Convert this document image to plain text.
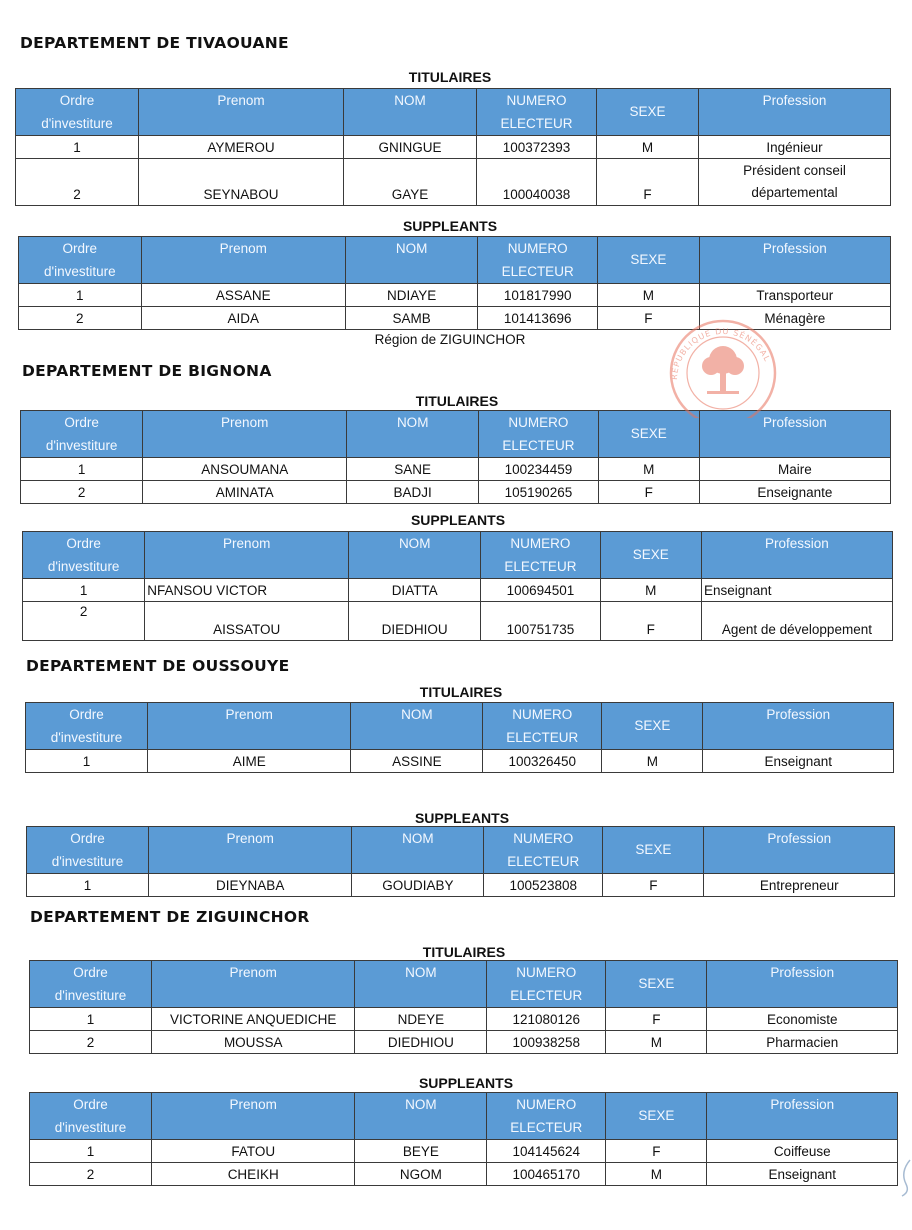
DEPARTEMENT DE TIVAOUANE
TITULAIRES
Ordre
d'investiture	Prenom	NOM	NUMERO
ELECTEUR	SEXE	Profession

1	AYMEROU	GNINGUE	100372393	M	Ingénieur
2	SEYNABOU	GAYE	100040038	F	Président conseil départemental
SUPPLEANTS
Ordre
d'investiture	Prenom	NOM	NUMERO
ELECTEUR	SEXE	Profession

1	ASSANE	NDIAYE	101817990	M	Transporteur
2	AIDA	SAMB	101413696	F	Ménagère
Région de ZIGUINCHOR
DEPARTEMENT DE BIGNONA
TITULAIRES
Ordre
d'investiture	Prenom	NOM	NUMERO
ELECTEUR	SEXE	Profession

1	ANSOUMANA	SANE	100234459	M	Maire
2	AMINATA	BADJI	105190265	F	Enseignante
SUPPLEANTS
Ordre
d'investiture	Prenom	NOM	NUMERO
ELECTEUR	SEXE	Profession

1	NFANSOU VICTOR	DIATTA	100694501	M	Enseignant
2	AISSATOU	DIEDHIOU	100751735	F	Agent de développement
DEPARTEMENT DE OUSSOUYE
TITULAIRES
Ordre
d'investiture	Prenom	NOM	NUMERO
ELECTEUR	SEXE	Profession

1	AIME	ASSINE	100326450	M	Enseignant
SUPPLEANTS
Ordre
d'investiture	Prenom	NOM	NUMERO
ELECTEUR	SEXE	Profession

1	DIEYNABA	GOUDIABY	100523808	F	Entrepreneur
DEPARTEMENT DE ZIGUINCHOR
TITULAIRES
Ordre
d'investiture	Prenom	NOM	NUMERO
ELECTEUR	SEXE	Profession

1	VICTORINE ANQUEDICHE	NDEYE	121080126	F	Economiste
2	MOUSSA	DIEDHIOU	100938258	M	Pharmacien
SUPPLEANTS
Ordre
d'investiture	Prenom	NOM	NUMERO
ELECTEUR	SEXE	Profession

1	FATOU	BEYE	104145624	F	Coiffeuse
2	CHEIKH	NGOM	100465170	M	Enseignant
RÉPUBLIQUE DU SÉNÉGAL
